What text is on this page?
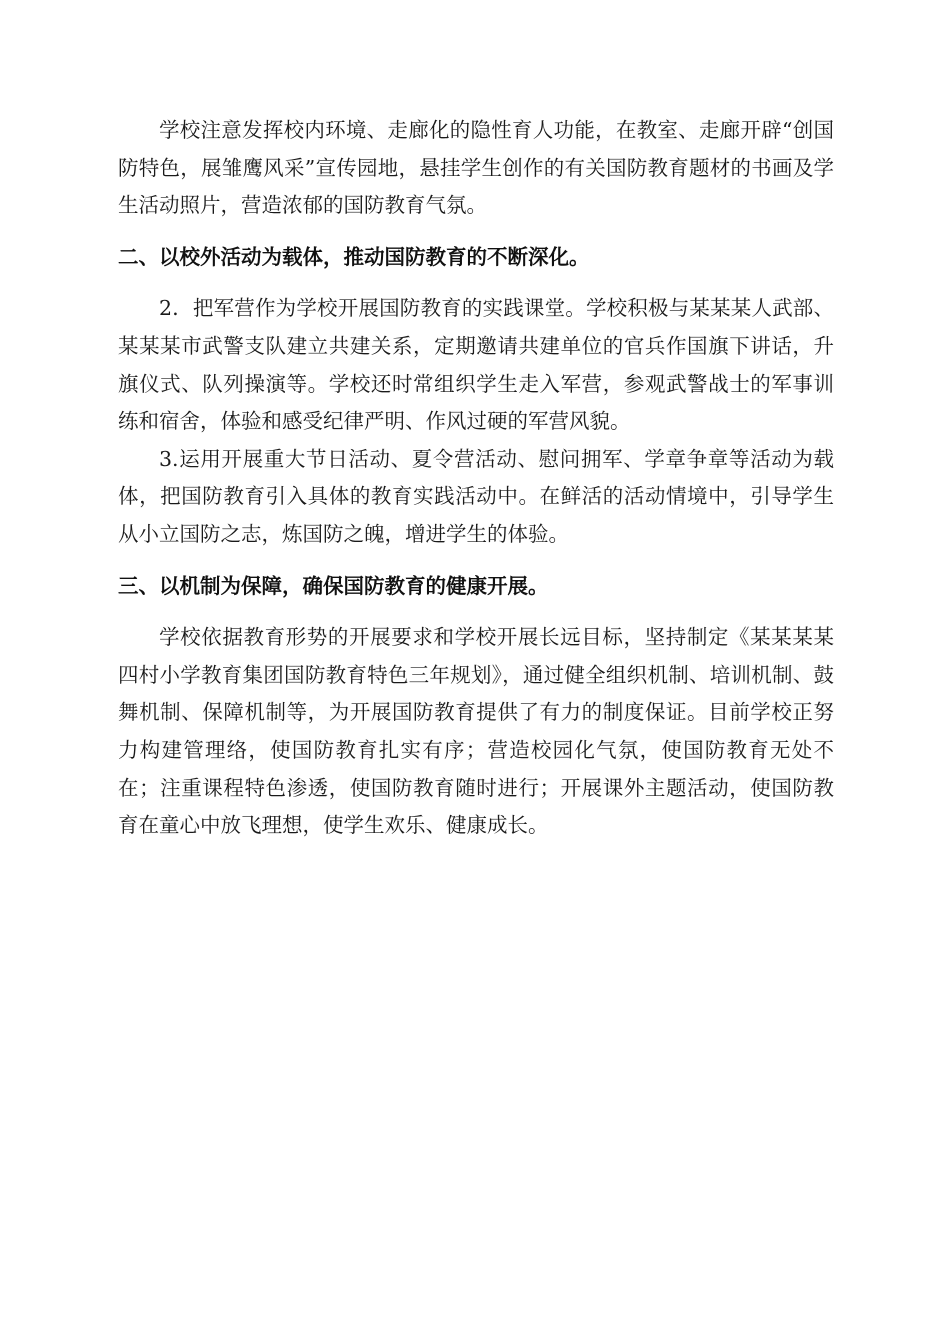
学校注意发挥校内环境、走廊化的隐性育人功能，在教室、走廊开辟“创国防特色，展雏鹰风采”宣传园地，悬挂学生创作的有关国防教育题材的书画及学生活动照片，营造浓郁的国防教育气氛。

二、以校外活动为载体，推动国防教育的不断深化。

2．把军营作为学校开展国防教育的实践课堂。学校积极与某某某人武部、某某某市武警支队建立共建关系，定期邀请共建单位的官兵作国旗下讲话，升旗仪式、队列操演等。学校还时常组织学生走入军营，参观武警战士的军事训练和宿舍，体验和感受纪律严明、作风过硬的军营风貌。

3.运用开展重大节日活动、夏令营活动、慰问拥军、学章争章等活动为载体，把国防教育引入具体的教育实践活动中。在鲜活的活动情境中，引导学生从小立国防之志，炼国防之魄，增进学生的体验。

三、以机制为保障，确保国防教育的健康开展。

学校依据教育形势的开展要求和学校开展长远目标，坚持制定《某某某某四村小学教育集团国防教育特色三年规划》，通过健全组织机制、培训机制、鼓舞机制、保障机制等，为开展国防教育提供了有力的制度保证。目前学校正努力构建管理络，使国防教育扎实有序；营造校园化气氛，使国防教育无处不在；注重课程特色渗透，使国防教育随时进行；开展课外主题活动，使国防教育在童心中放飞理想，使学生欢乐、健康成长。
